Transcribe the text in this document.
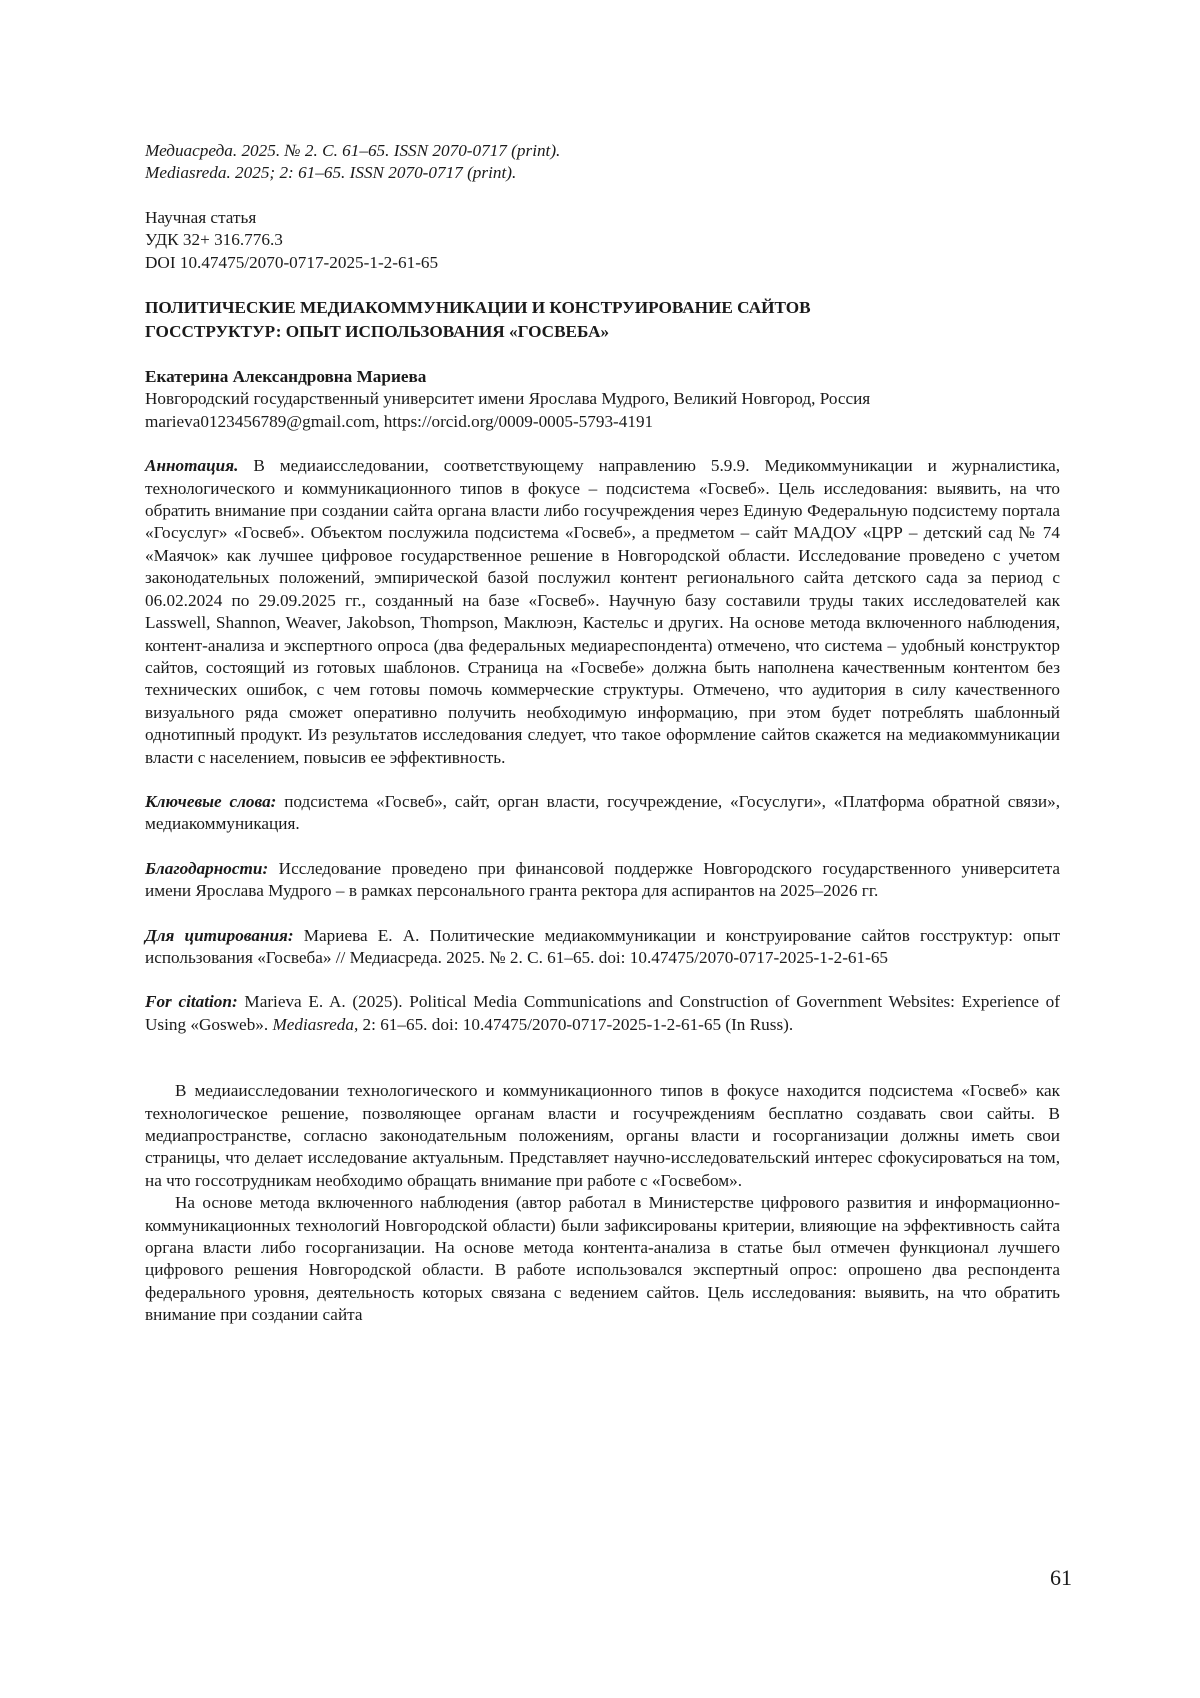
Медиасреда. 2025. № 2. С. 61–65. ISSN 2070-0717 (print).
Mediasreda. 2025; 2: 61–65. ISSN 2070-0717 (print).
Научная статья
УДК 32+ 316.776.3
DOI 10.47475/2070-0717-2025-1-2-61-65
ПОЛИТИЧЕСКИЕ МЕДИАКОММУНИКАЦИИ И КОНСТРУИРОВАНИЕ САЙТОВ
ГОССТРУКТУР: ОПЫТ ИСПОЛЬЗОВАНИЯ «ГОСВЕБА»
Екатерина Александровна Мариева
Новгородский государственный университет имени Ярослава Мудрого, Великий Новгород, Россия
marieva0123456789@gmail.com, https://orcid.org/0009-0005-5793-4191
Аннотация. В медиаисследовании, соответствующему направлению 5.9.9. Медикоммуникации и журналистика, технологического и коммуникационного типов в фокусе – подсистема «Госвеб». Цель исследования: выявить, на что обратить внимание при создании сайта органа власти либо госучреждения через Единую Федеральную подсистему портала «Госуслуг» «Госвеб». Объектом послужила подсистема «Госвеб», а предметом – сайт МАДОУ «ЦРР – детский сад № 74 «Маячок» как лучшее цифровое государственное решение в Новгородской области. Исследование проведено с учетом законодательных положений, эмпирической базой послужил контент регионального сайта детского сада за период с 06.02.2024 по 29.09.2025 гг., созданный на базе «Госвеб». Научную базу составили труды таких исследователей как Lasswell, Shannon, Weaver, Jakobson, Thompson, Маклюэн, Кастельс и других. На основе метода включенного наблюдения, контент-анализа и экспертного опроса (два федеральных медиареспондента) отмечено, что система – удобный конструктор сайтов, состоящий из готовых шаблонов. Страница на «Госвебе» должна быть наполнена качественным контентом без технических ошибок, с чем готовы помочь коммерческие структуры. Отмечено, что аудитория в силу качественного визуального ряда сможет оперативно получить необходимую информацию, при этом будет потреблять шаблонный однотипный продукт. Из результатов исследования следует, что такое оформление сайтов скажется на медиакоммуникации власти с населением, повысив ее эффективность.
Ключевые слова: подсистема «Госвеб», сайт, орган власти, госучреждение, «Госуслуги», «Платформа обратной связи», медиакоммуникация.
Благодарности: Исследование проведено при финансовой поддержке Новгородского государственного университета имени Ярослава Мудрого – в рамках персонального гранта ректора для аспирантов на 2025–2026 гг.
Для цитирования: Мариева Е. А. Политические медиакоммуникации и конструирование сайтов госструктур: опыт использования «Госвеба» // Медиасреда. 2025. № 2. С. 61–65. doi: 10.47475/2070-0717-2025-1-2-61-65
For citation: Marieva E. A. (2025). Political Media Communications and Construction of Government Websites: Experience of Using «Gosweb». Mediasreda, 2: 61–65. doi: 10.47475/2070-0717-2025-1-2-61-65 (In Russ).

В медиаисследовании технологического и коммуникационного типов в фокусе находится подсистема «Госвеб» как технологическое решение, позволяющее органам власти и госучреждениям бесплатно создавать свои сайты. В медиапространстве, согласно законодательным положениям, органы власти и госорганизации должны иметь свои страницы, что делает исследование актуальным. Представляет научно-исследовательский интерес сфокусироваться на том, на что госсотрудникам необходимо обращать внимание при работе с «Госвебом».

На основе метода включенного наблюдения (автор работал в Министерстве цифрового развития и информационно-коммуникационных технологий Новгородской области) были зафиксированы критерии, влияющие на эффективность сайта органа власти либо госорганизации. На основе метода контента-анализа в статье был отмечен функционал лучшего цифрового решения Новгородской области. В работе использовался экспертный опрос: опрошено два респондента федерального уровня, деятельность которых связана с ведением сайтов. Цель исследования: выявить, на что обратить внимание при создании сайта

61
